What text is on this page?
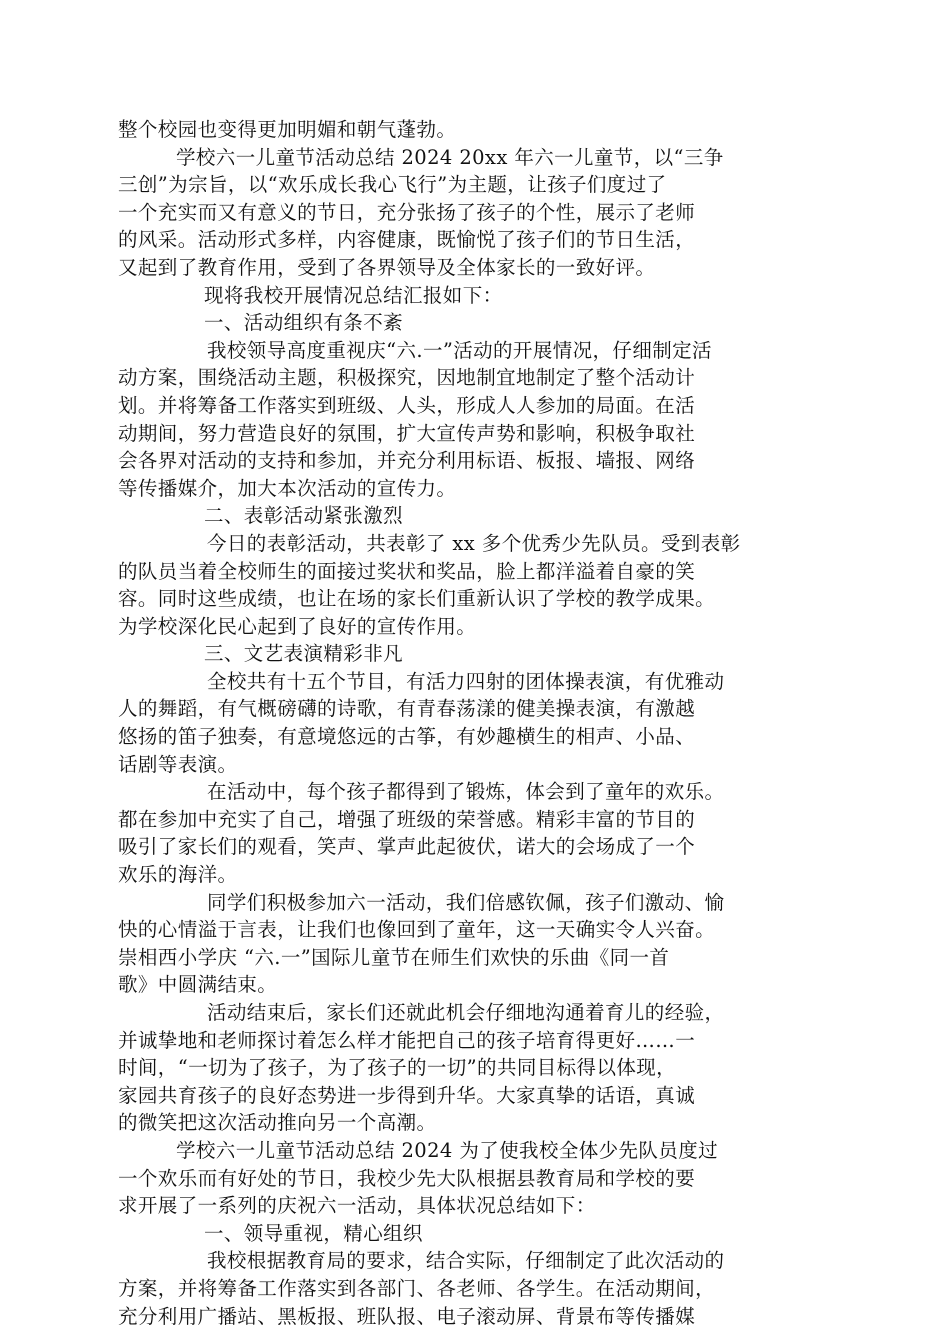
整个校园也变得更加明媚和朝气蓬勃。
学校六一儿童节活动总结 2024 20xx 年六一儿童节，以“三争
三创”为宗旨，以“欢乐成长我心飞行”为主题，让孩子们度过了
一个充实而又有意义的节日，充分张扬了孩子的个性，展示了老师
的风采。活动形式多样，内容健康，既愉悦了孩子们的节日生活，
又起到了教育作用，受到了各界领导及全体家长的一致好评。
现将我校开展情况总结汇报如下：
一、活动组织有条不紊
我校领导高度重视庆“六.一”活动的开展情况，仔细制定活
动方案，围绕活动主题，积极探究，因地制宜地制定了整个活动计
划。并将筹备工作落实到班级、人头，形成人人参加的局面。在活
动期间，努力营造良好的氛围，扩大宣传声势和影响，积极争取社
会各界对活动的支持和参加，并充分利用标语、板报、墙报、网络
等传播媒介，加大本次活动的宣传力。
二、表彰活动紧张激烈
今日的表彰活动，共表彰了 xx 多个优秀少先队员。受到表彰
的队员当着全校师生的面接过奖状和奖品，脸上都洋溢着自豪的笑
容。同时这些成绩，也让在场的家长们重新认识了学校的教学成果。
为学校深化民心起到了良好的宣传作用。
三、文艺表演精彩非凡
全校共有十五个节目，有活力四射的团体操表演，有优雅动
人的舞蹈，有气概磅礴的诗歌，有青春荡漾的健美操表演，有激越
悠扬的笛子独奏，有意境悠远的古筝，有妙趣横生的相声、小品、
话剧等表演。
在活动中，每个孩子都得到了锻炼，体会到了童年的欢乐。
都在参加中充实了自己，增强了班级的荣誉感。精彩丰富的节目的
吸引了家长们的观看，笑声、掌声此起彼伏，诺大的会场成了一个
欢乐的海洋。
同学们积极参加六一活动，我们倍感钦佩，孩子们激动、愉
快的心情溢于言表，让我们也像回到了童年，这一天确实令人兴奋。
崇相西小学庆 “六.一”国际儿童节在师生们欢快的乐曲《同一首
歌》中圆满结束。
活动结束后，家长们还就此机会仔细地沟通着育儿的经验，
并诚挚地和老师探讨着怎么样才能把自己的孩子培育得更好……一
时间，“一切为了孩子，为了孩子的一切”的共同目标得以体现，
家园共育孩子的良好态势进一步得到升华。大家真挚的话语，真诚
的微笑把这次活动推向另一个高潮。
学校六一儿童节活动总结 2024 为了使我校全体少先队员度过
一个欢乐而有好处的节日，我校少先大队根据县教育局和学校的要
求开展了一系列的庆祝六一活动，具体状况总结如下：
一、领导重视，精心组织
我校根据教育局的要求，结合实际，仔细制定了此次活动的
方案，并将筹备工作落实到各部门、各老师、各学生。在活动期间，
充分利用广播站、黑板报、班队报、电子滚动屏、背景布等传播媒
